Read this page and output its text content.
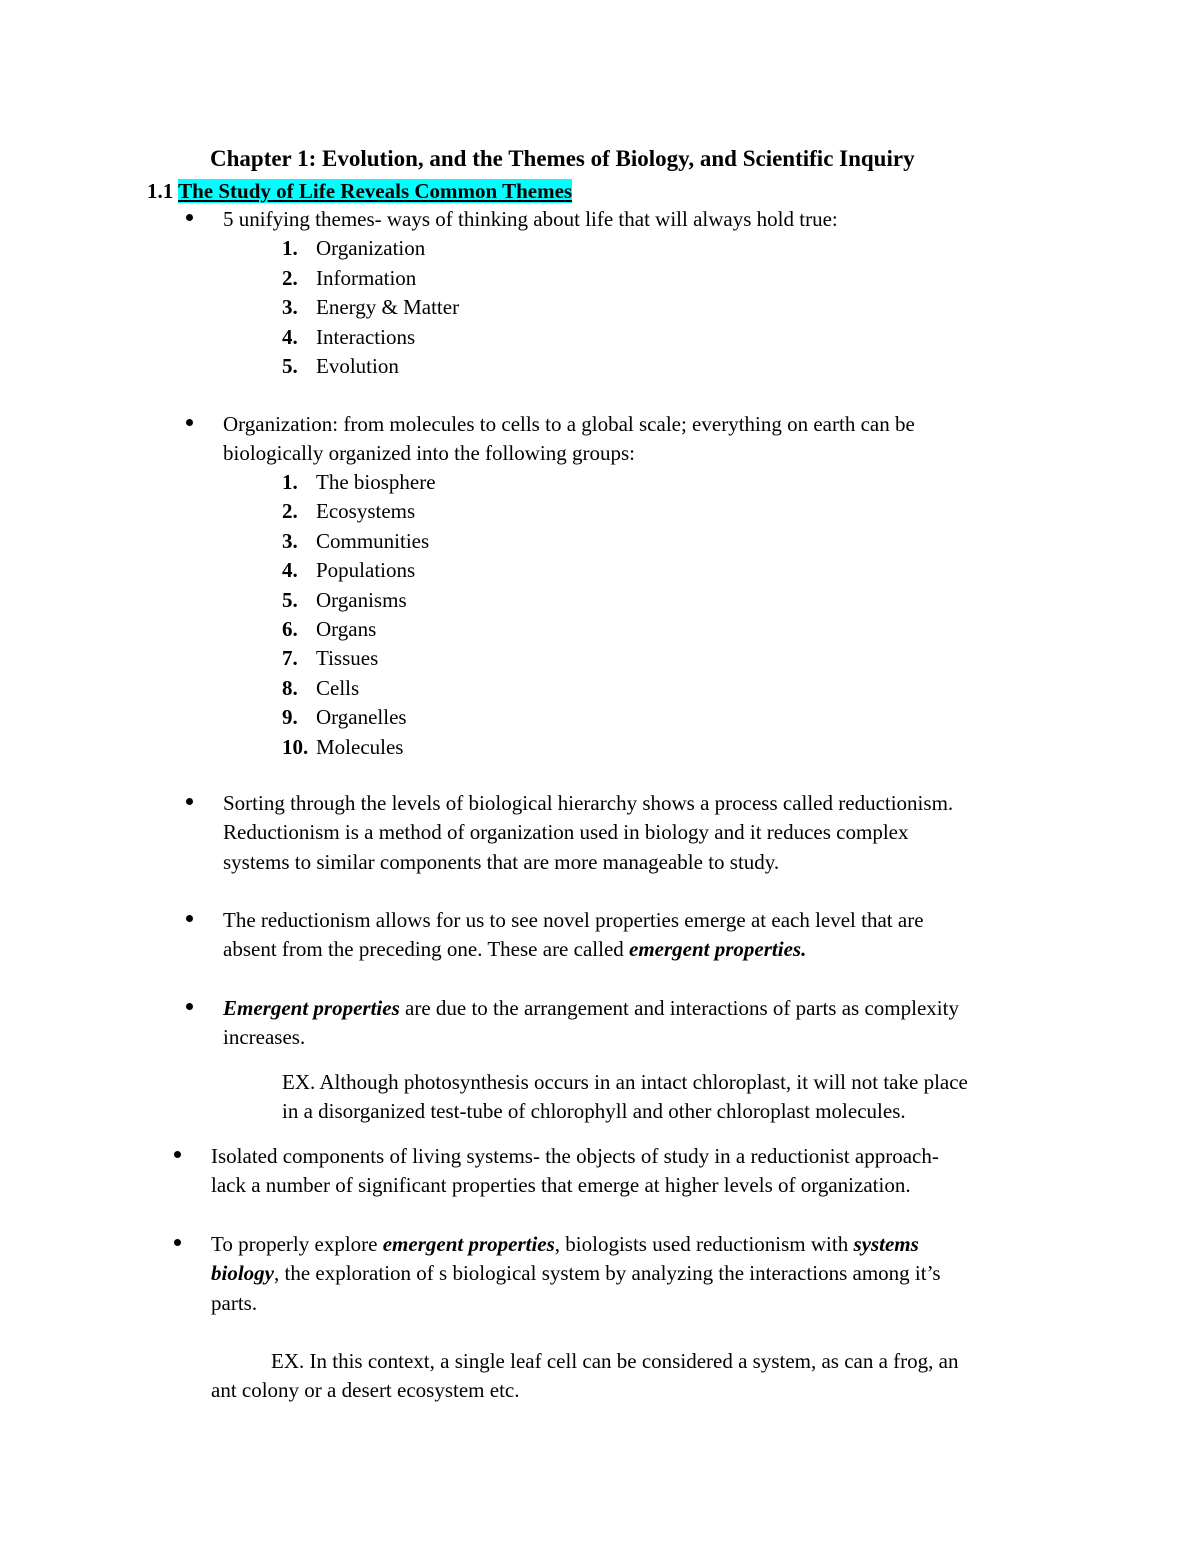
Chapter 1: Evolution, and the Themes of Biology, and Scientific Inquiry
1.1 The Study of Life Reveals Common Themes
5 unifying themes- ways of thinking about life that will always hold true:
1. Organization
2. Information
3. Energy & Matter
4. Interactions
5. Evolution
Organization: from molecules to cells to a global scale; everything on earth can be
biologically organized into the following groups:
1. The biosphere
2. Ecosystems
3. Communities
4. Populations
5. Organisms
6. Organs
7. Tissues
8. Cells
9. Organelles
10. Molecules
Sorting through the levels of biological hierarchy shows a process called reductionism.
Reductionism is a method of organization used in biology and it reduces complex
systems to similar components that are more manageable to study.
The reductionism allows for us to see novel properties emerge at each level that are
absent from the preceding one. These are called emergent properties.
Emergent properties are due to the arrangement and interactions of parts as complexity
increases.
EX. Although photosynthesis occurs in an intact chloroplast, it will not take place
in a disorganized test-tube of chlorophyll and other chloroplast molecules.
Isolated components of living systems- the objects of study in a reductionist approach-
lack a number of significant properties that emerge at higher levels of organization.
To properly explore emergent properties, biologists used reductionism with systems
biology, the exploration of s biological system by analyzing the interactions among it’s
parts.
EX. In this context, a single leaf cell can be considered a system, as can a frog, an
ant colony or a desert ecosystem etc.
